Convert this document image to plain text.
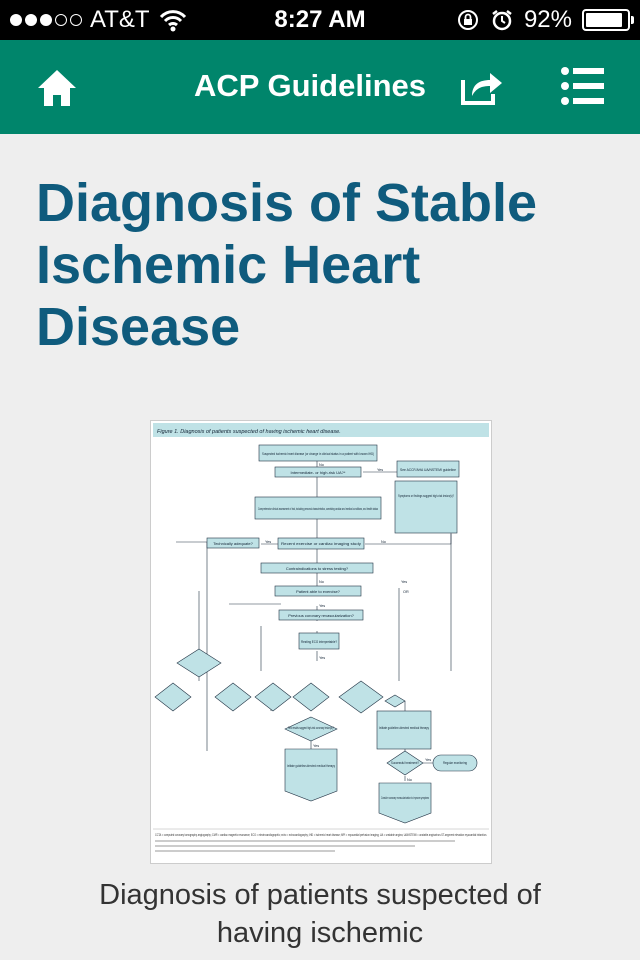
AT&T	8:27 AM	92%
ACP Guidelines
Diagnosis of Stable Ischemic Heart Disease
Figure 1. Diagnosis of patients suspected of having ischemic heart disease.
Suspected ischemic heart disease (or change in clinical status in a patient with known IHD)
Intermediate- or high-risk UA?*
See ACCF/AHA UA/NSTEMI guideline
Comprehensive clinical assessment of risk, including personal characteristics, coexisting cardiac and medical conditions, and health status
Symptoms or findings suggest high-risk lesion(s)?
Technically adequate?	Recent exercise or cardiac imaging study
Contraindications to stress testing?
Patient able to exercise?
Previous coronary revascularization?
Resting ECG interpretable?
Test results suggest high-risk coronary lesion(s)?	Initiate guideline-directed medical therapy
Successful treatment?	Regular monitoring
Initiate guideline-directed medical therapy
Consider coronary revascularization to improve symptoms
No
Yes
Yes	No
No	Yes
OR
Yes
Yes
Yes
Yes
No
CCTA = computed coronary tomography angiography; CMR = cardiac magnetic resonance; ECG = electrocardiographic; echo = echocardiography; IHD = ischemic heart disease; MPI = myocardial perfusion imaging; UA = unstable angina; UA/NSTEMI = unstable angina/non-ST-segment elevation myocardial infarction.
Diagnosis of patients suspected of having ischemic
